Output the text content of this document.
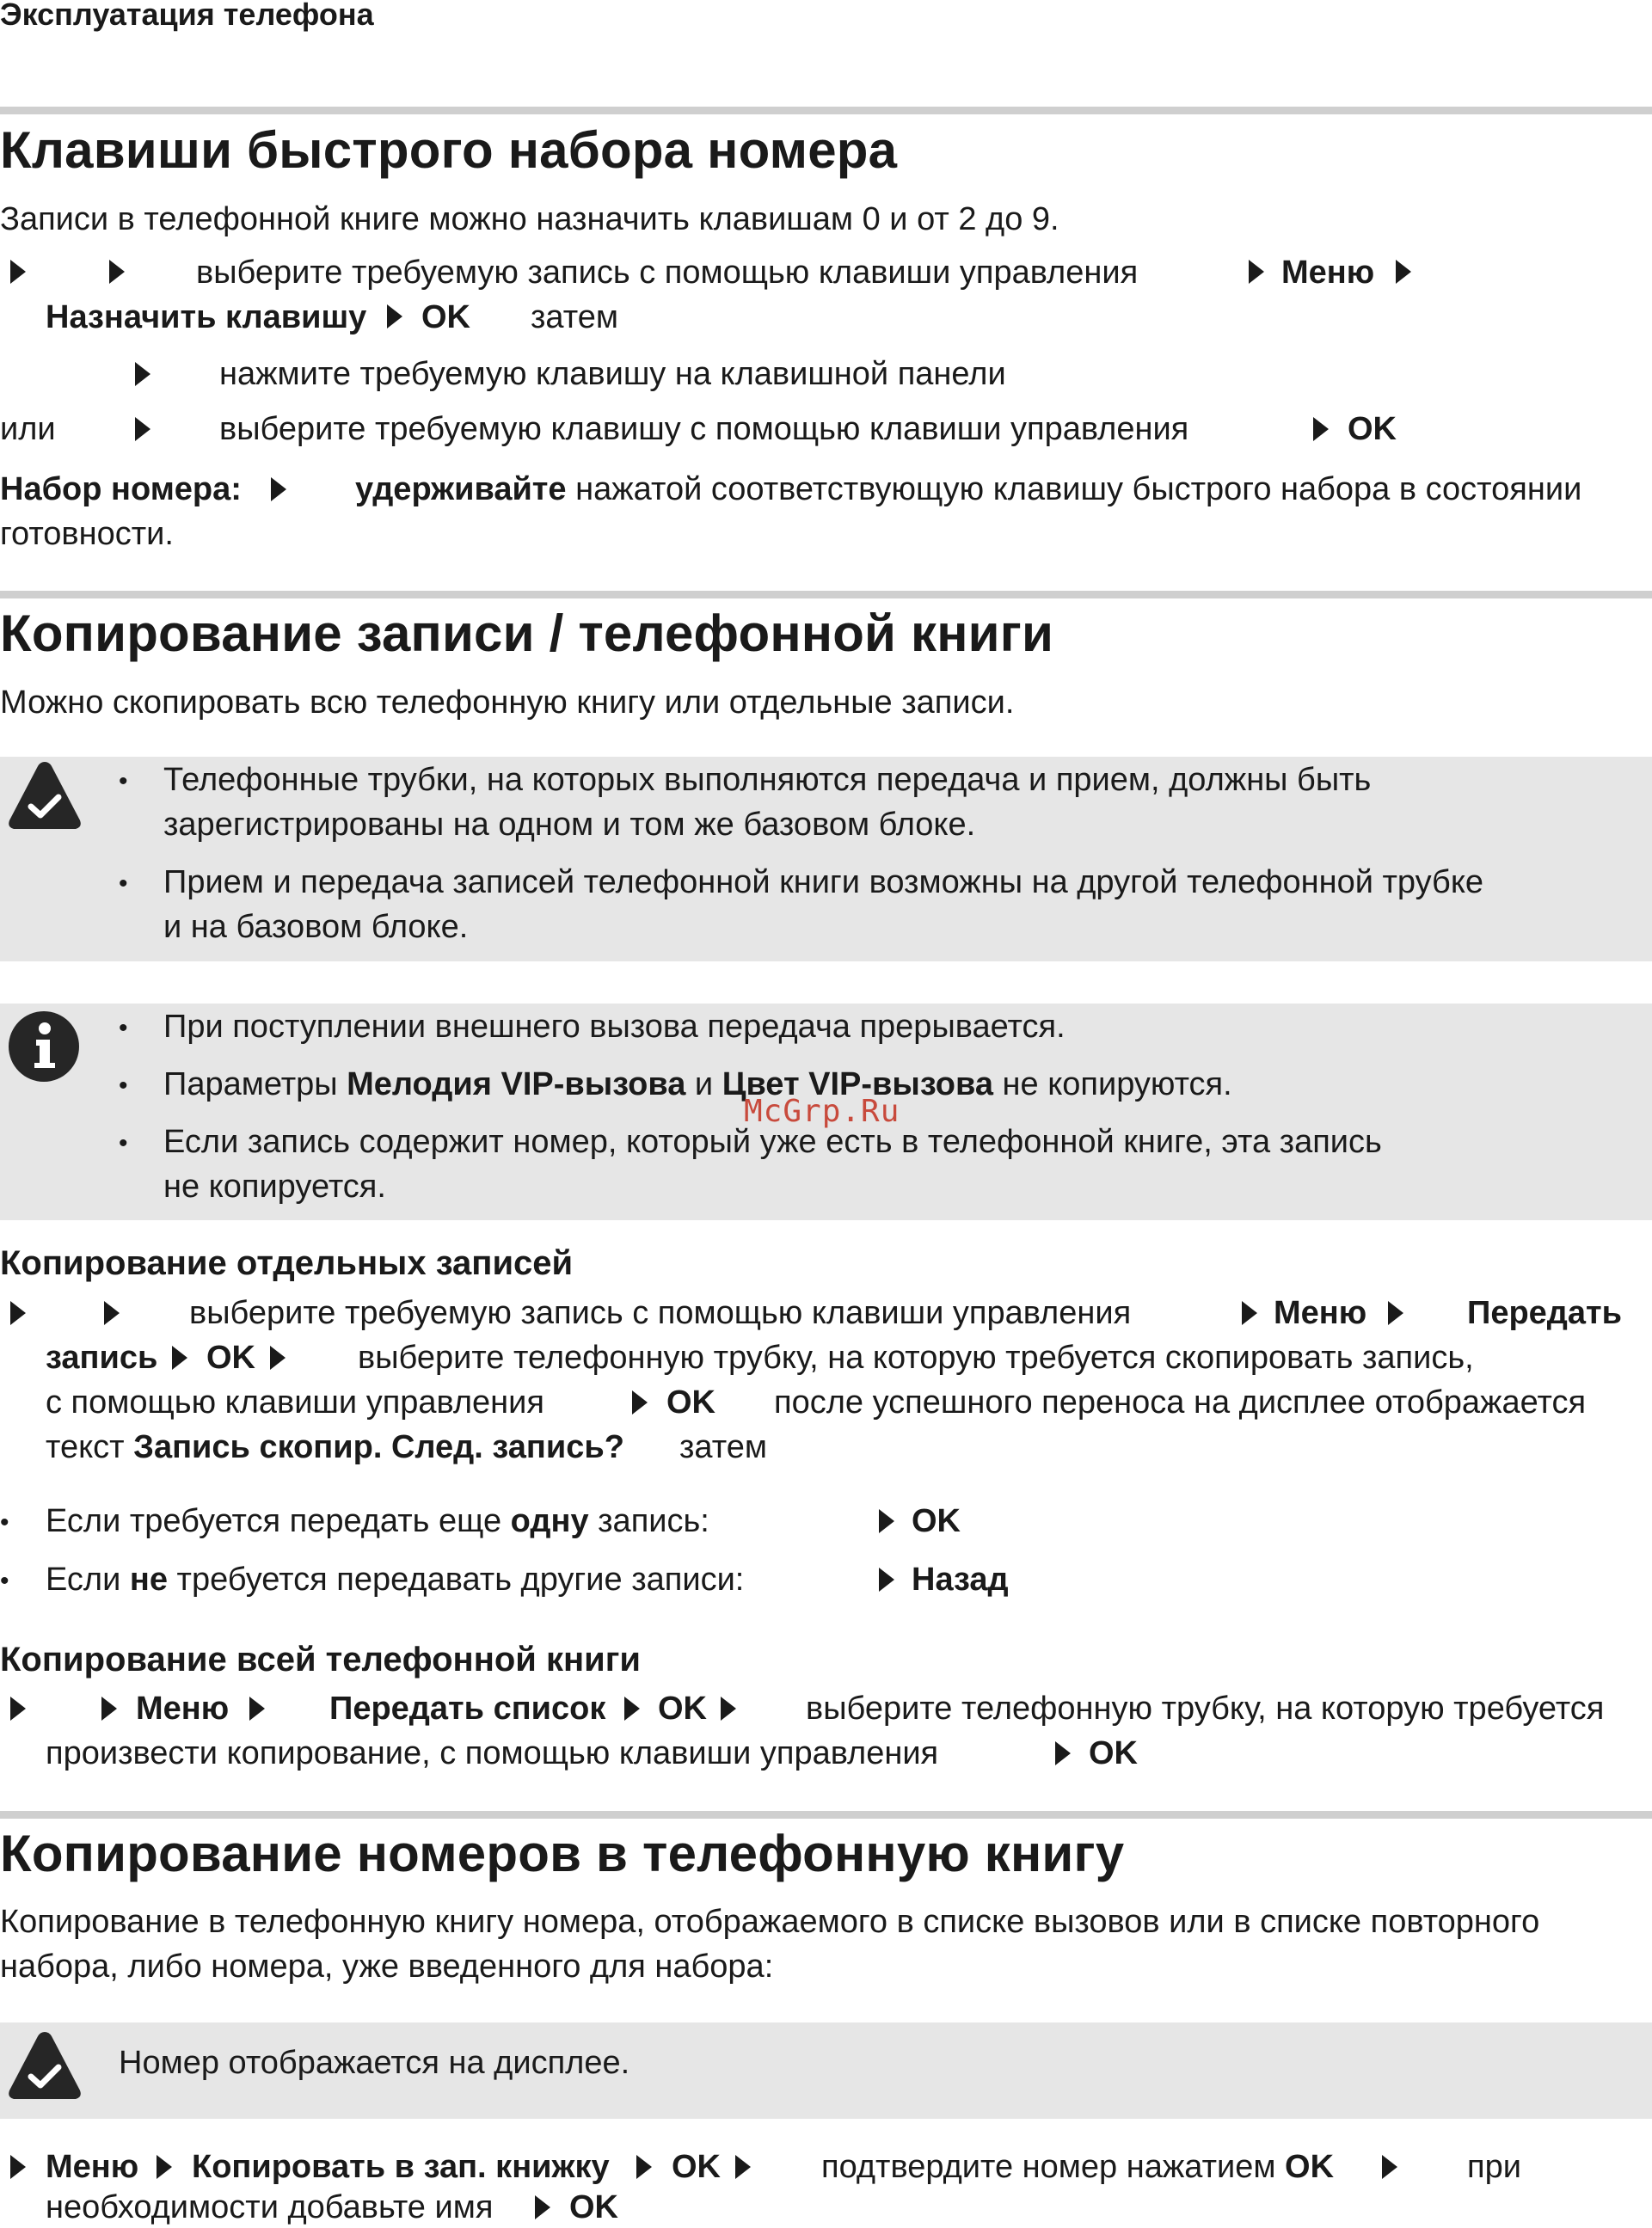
Эксплуатация телефона
Клавиши быстрого набора номера
Записи в телефонной книге можно назначить клавишам 0 и от 2 до 9.
выберите требуемую запись с помощью клавиши управления	Меню
Назначить клавишу OK затем
нажмите требуемую клавишу на клавишной панели
или	выберите требуемую клавишу с помощью клавиши управления	OK
Набор номера:	удерживайте нажатой соответствующую клавишу быстрого набора в состоянии
готовности.
Копирование записи / телефонной книги
Можно скопировать всю телефонную книгу или отдельные записи.
• Телефонные трубки, на которых выполняются передача и прием, должны быть
зарегистрированы на одном и том же базовом блоке.
• Прием и передача записей телефонной книги возможны на другой телефонной трубке
и на базовом блоке.
• При поступлении внешнего вызова передача прерывается.
• Параметры Мелодия VIP-вызова и Цвет VIP-вызова не копируются.
McGrp.Ru
• Если запись содержит номер, который уже есть в телефонной книге, эта запись
не копируется.
Копирование отдельных записей
выберите требуемую запись с помощью клавиши управления	Меню	Передать
запись OK	выберите телефонную трубку, на которую требуется скопировать запись,
с помощью клавиши управления	OK после успешного переноса на дисплее отображается
текст Запись скопир. След. запись? затем
• Если требуется передать еще одну запись:	OK
• Если не требуется передавать другие записи:	Назад
Копирование всей телефонной книги
Меню	Передать список OK	выберите телефонную трубку, на которую требуется
произвести копирование, с помощью клавиши управления	OK
Копирование номеров в телефонную книгу
Копирование в телефонную книгу номера, отображаемого в списке вызовов или в списке повторного
набора, либо номера, уже введенного для набора:
Номер отображается на дисплее.
Меню Копировать в зап. книжку OK	подтвердите номер нажатием OK	при
необходимости добавьте имя OK
